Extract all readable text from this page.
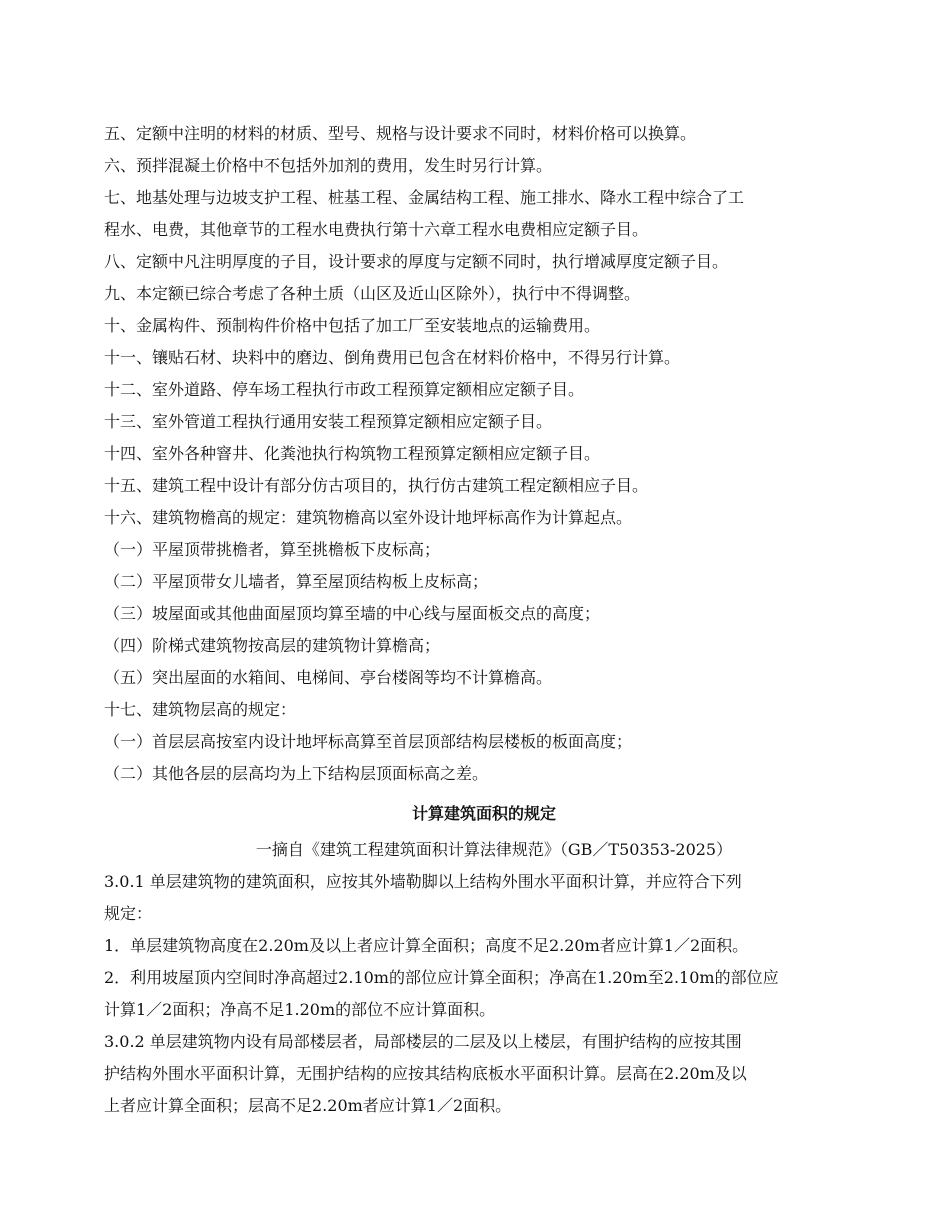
五、定额中注明的材料的材质、型号、规格与设计要求不同时，材料价格可以换算。
六、预拌混凝土价格中不包括外加剂的费用，发生时另行计算。
七、地基处理与边坡支护工程、桩基工程、金属结构工程、施工排水、降水工程中综合了工
程水、电费，其他章节的工程水电费执行第十六章工程水电费相应定额子目。
八、定额中凡注明厚度的子目，设计要求的厚度与定额不同时，执行增减厚度定额子目。
九、本定额已综合考虑了各种土质（山区及近山区除外），执行中不得调整。
十、金属构件、预制构件价格中包括了加工厂至安装地点的运输费用。
十一、镶贴石材、块料中的磨边、倒角费用已包含在材料价格中，不得另行计算。
十二、室外道路、停车场工程执行市政工程预算定额相应定额子目。
十三、室外管道工程执行通用安装工程预算定额相应定额子目。
十四、室外各种窨井、化粪池执行构筑物工程预算定额相应定额子目。
十五、建筑工程中设计有部分仿古项目的，执行仿古建筑工程定额相应子目。
十六、建筑物檐高的规定：建筑物檐高以室外设计地坪标高作为计算起点。
（一）平屋顶带挑檐者，算至挑檐板下皮标高；
（二）平屋顶带女儿墙者，算至屋顶结构板上皮标高；
（三）坡屋面或其他曲面屋顶均算至墙的中心线与屋面板交点的高度；
（四）阶梯式建筑物按高层的建筑物计算檐高；
（五）突出屋面的水箱间、电梯间、亭台楼阁等均不计算檐高。
十七、建筑物层高的规定：
（一）首层层高按室内设计地坪标高算至首层顶部结构层楼板的板面高度；
（二）其他各层的层高均为上下结构层顶面标高之差。
计算建筑面积的规定
一摘自《建筑工程建筑面积计算法律规范》（GB／T50353-2025）
3.0.1 单层建筑物的建筑面积，应按其外墙勒脚以上结构外围水平面积计算，并应符合下列
规定：
1．单层建筑物高度在2.20m及以上者应计算全面积；高度不足2.20m者应计算1／2面积。
2．利用坡屋顶内空间时净高超过2.10m的部位应计算全面积；净高在1.20m至2.10m的部位应
计算1／2面积；净高不足1.20m的部位不应计算面积。
3.0.2 单层建筑物内设有局部楼层者，局部楼层的二层及以上楼层，有围护结构的应按其围
护结构外围水平面积计算，无围护结构的应按其结构底板水平面积计算。层高在2.20m及以
上者应计算全面积；层高不足2.20m者应计算1／2面积。
